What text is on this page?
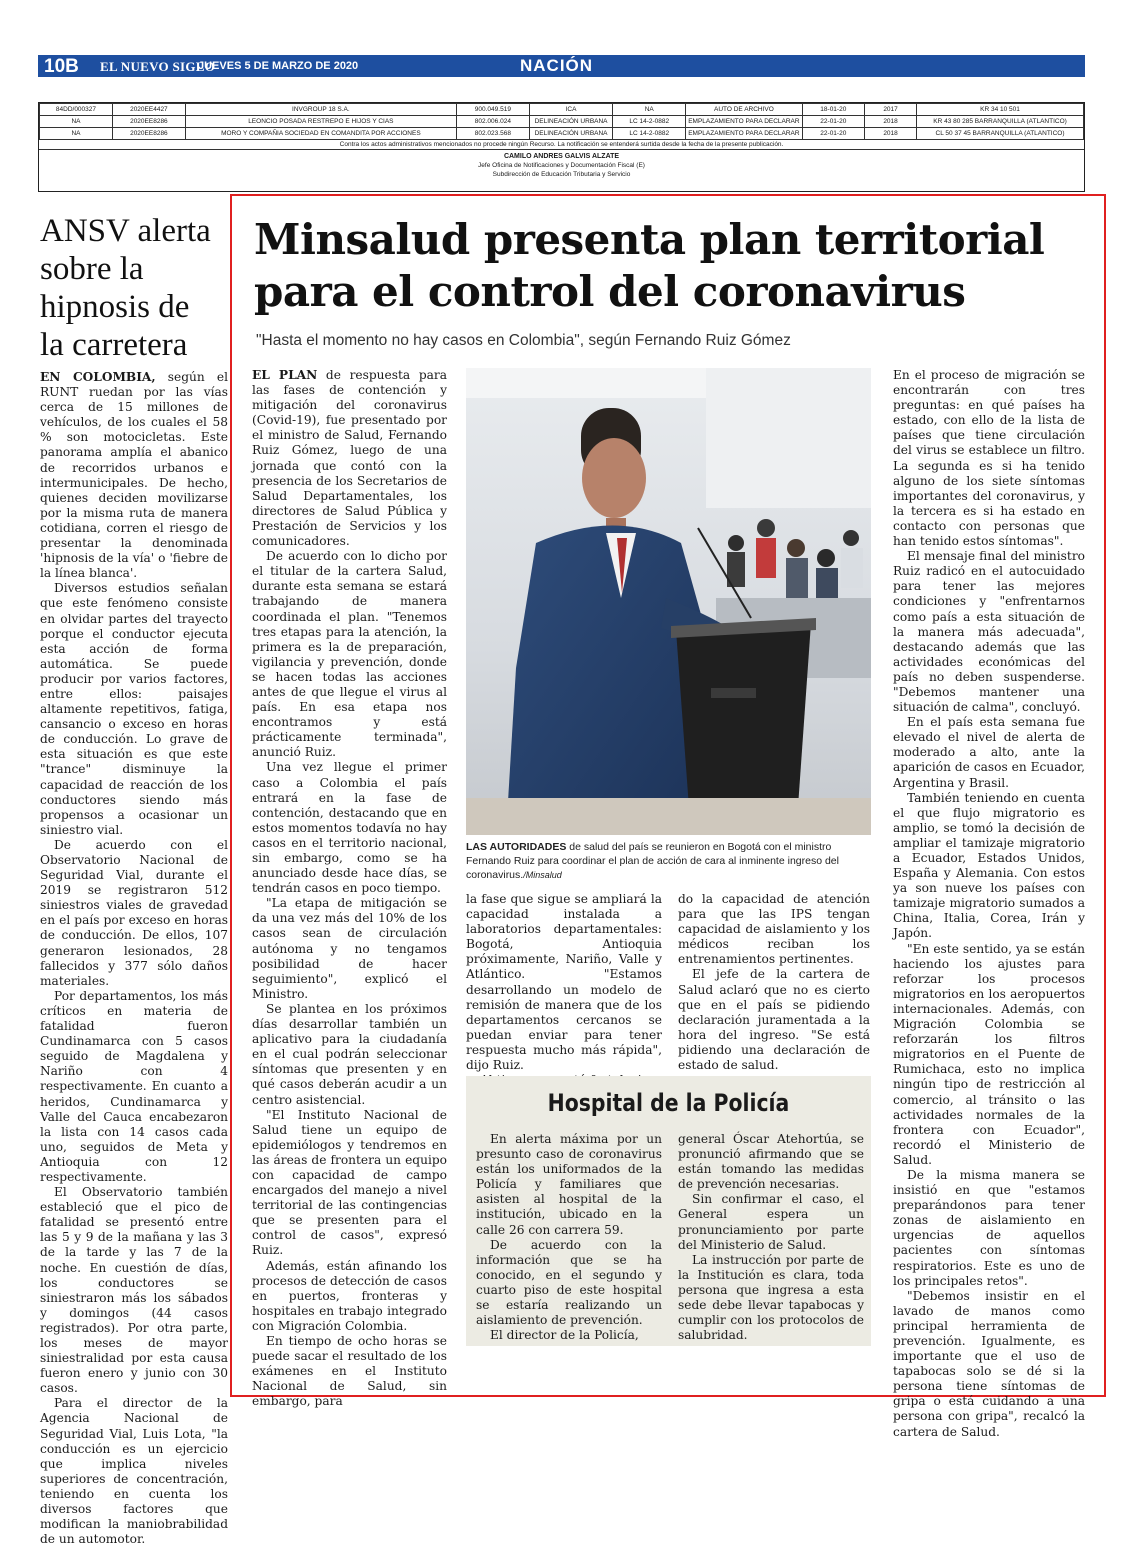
10B EL NUEVO SIGLO
JUEVES 5 DE MARZO DE 2020	NACIÓN
84DD/000327	2020EE4427	INVGROUP 18 S.A.	900.049.519	ICA	NA	AUTO DE ARCHIVO	18-01-20	2017	KR 34 10 501
NA	2020EE8286	LEONCIO POSADA RESTREPO E HIJOS Y CIAS	802.006.024	DELINEACIÓN URBANA	LC 14-2-0882	EMPLAZAMIENTO PARA DECLARAR	22-01-20	2018	KR 43 80 285 BARRANQUILLA (ATLANTICO)
NA	2020EE8286	MORO Y COMPAÑIA SOCIEDAD EN COMANDITA POR ACCIONES	802.023.568	DELINEACIÓN URBANA	LC 14-2-0882	EMPLAZAMIENTO PARA DECLARAR	22-01-20	2018	CL 50 37 45 BARRANQUILLA (ATLANTICO)
Contra los actos administrativos mencionados no procede ningún Recurso. La notificación se entenderá surtida desde la fecha de la presente publicación.
CAMILO ANDRES GALVIS ALZATE
Jefe Oficina de Notificaciones y Documentación Fiscal (E)
Subdirección de Educación Tributaria y Servicio
ANSV alerta sobre la hipnosis de la carretera

EN COLOMBIA, según el RUNT ruedan por las vías cerca de 15 millones de vehículos, de los cuales el 58 % son motocicletas. Este panorama amplía el abanico de recorridos urbanos e intermunicipales. De hecho, quienes deciden movilizarse por la misma ruta de manera cotidiana, corren el riesgo de presentar la denominada 'hipnosis de la vía' o 'fiebre de la línea blanca'.

Diversos estudios señalan que este fenómeno consiste en olvidar partes del trayecto porque el conductor ejecuta esta acción de forma automática. Se puede producir por varios factores, entre ellos: paisajes altamente repetitivos, fatiga, cansancio o exceso en horas de conducción. Lo grave de esta situación es que este "trance" disminuye la capacidad de reacción de los conductores siendo más propensos a ocasionar un siniestro vial.

De acuerdo con el Observatorio Nacional de Seguridad Vial, durante el 2019 se registraron 512 siniestros viales de gravedad en el país por exceso en horas de conducción. De ellos, 107 generaron lesionados, 28 fallecidos y 377 sólo daños materiales.

Por departamentos, los más críticos en materia de fatalidad fueron Cundinamarca con 5 casos seguido de Magdalena y Nariño con 4 respectivamente. En cuanto a heridos, Cundinamarca y Valle del Cauca encabezaron la lista con 14 casos cada uno, seguidos de Meta y Antioquia con 12 respectivamente.

El Observatorio también estableció que el pico de fatalidad se presentó entre las 5 y 9 de la mañana y las 3 de la tarde y las 7 de la noche. En cuestión de días, los conductores se siniestraron más los sábados y domingos (44 casos registrados). Por otra parte, los meses de mayor siniestralidad por esta causa fueron enero y junio con 30 casos.

Para el director de la Agencia Nacional de Seguridad Vial, Luis Lota, "la conducción es un ejercicio que implica niveles superiores de concentración, teniendo en cuenta los diversos factores que modifican la maniobrabilidad de un automotor.

Minsalud presenta plan territorial
para el control del coronavirus
"Hasta el momento no hay casos en Colombia", según Fernando Ruiz Gómez

EL PLAN de respuesta para las fases de contención y mitigación del coronavirus (Covid-19), fue presentado por el ministro de Salud, Fernando Ruiz Gómez, luego de una jornada que contó con la presencia de los Secretarios de Salud Departamentales, los directores de Salud Pública y Prestación de Servicios y los comunicadores.

De acuerdo con lo dicho por el titular de la cartera Salud, durante esta semana se estará trabajando de manera coordinada el plan. "Tenemos tres etapas para la atención, la primera es la de preparación, vigilancia y prevención, donde se hacen todas las acciones antes de que llegue el virus al país. En esa etapa nos encontramos y está prácticamente terminada", anunció Ruiz.

Una vez llegue el primer caso a Colombia el país entrará en la fase de contención, destacando que en estos momentos todavía no hay casos en el territorio nacional, sin embargo, como se ha anunciado desde hace días, se tendrán casos en poco tiempo.

"La etapa de mitigación se da una vez más del 10% de los casos sean de circulación autónoma y no tengamos posibilidad de hacer seguimiento", explicó el Ministro.

Se plantea en los próximos días desarrollar también un aplicativo para la ciudadanía en el cual podrán seleccionar síntomas que presenten y en qué casos deberán acudir a un centro asistencial.

"El Instituto Nacional de Salud tiene un equipo de epidemiólogos y tendremos en las áreas de frontera un equipo con capacidad de campo encargados del manejo a nivel territorial de las contingencias que se presenten para el control de casos", expresó Ruiz.

Además, están afinando los procesos de detección de casos en puertos, fronteras y hospitales en trabajo integrado con Migración Colombia.

En tiempo de ocho horas se puede sacar el resultado de los exámenes en el Instituto Nacional de Salud, sin embargo, para

LAS AUTORIDADES de salud del país se reunieron en Bogotá con el ministro Fernando Ruiz para coordinar el plan de acción de cara al inminente ingreso del coronavirus./Minsalud

la fase que sigue se ampliará la capacidad instalada a laboratorios departamentales: Bogotá, Antioquia próximamente, Nariño, Valle y Atlántico. "Estamos desarrollando un modelo de remisión de manera que de los departamentos cercanos se puedan enviar para tener respuesta mucho más rápida", dijo Ruiz.

do la capacidad de atención para que las IPS tengan capacidad de aislamiento y los médicos reciban los entrenamientos pertinentes.

El jefe de la cartera de Salud aclaró que no es cierto que en el país se pidiendo declaración juramentada a la hora del ingreso. "Se está pidiendo una declaración de estado de salud.

Hospital de la Policía

En alerta máxima por un presunto caso de coronavirus están los uniformados de la Policía y familiares que asisten al hospital de la institución, ubicado en la calle 26 con carrera 59.

De acuerdo con la información que se ha conocido, en el segundo y cuarto piso de este hospital se estaría realizando un aislamiento de prevención.

El director de la Policía,

general Óscar Atehortúa, se pronunció afirmando que se están tomando las medidas de prevención necesarias.

Sin confirmar el caso, el General espera un pronunciamiento por parte del Ministerio de Salud.

La instrucción por parte de la Institución es clara, toda persona que ingresa a esta sede debe llevar tapabocas y cumplir con los protocolos de salubridad.

En el proceso de migración se encontrarán con tres preguntas: en qué países ha estado, con ello de la lista de países que tiene circulación del virus se establece un filtro. La segunda es si ha tenido alguno de los siete síntomas importantes del coronavirus, y la tercera es si ha estado en contacto con personas que han tenido estos síntomas".

El mensaje final del ministro Ruiz radicó en el autocuidado para tener las mejores condiciones y "enfrentarnos como país a esta situación de la manera más adecuada", destacando además que las actividades económicas del país no deben suspenderse. "Debemos mantener una situación de calma", concluyó.

En el país esta semana fue elevado el nivel de alerta de moderado a alto, ante la aparición de casos en Ecuador, Argentina y Brasil.

También teniendo en cuenta el que flujo migratorio es amplio, se tomó la decisión de ampliar el tamizaje migratorio a Ecuador, Estados Unidos, España y Alemania. Con estos ya son nueve los países con tamizaje migratorio sumados a China, Italia, Corea, Irán y Japón.

"En este sentido, ya se están haciendo los ajustes para reforzar los procesos migratorios en los aeropuertos internacionales. Además, con Migración Colombia se reforzarán los filtros migratorios en el Puente de Rumichaca, esto no implica ningún tipo de restricción al comercio, al tránsito o las actividades normales de la frontera con Ecuador", recordó el Ministerio de Salud.

De la misma manera se insistió en que "estamos preparándonos para tener zonas de aislamiento en urgencias de aquellos pacientes con síntomas respiratorios. Este es uno de los principales retos".

"Debemos insistir en el lavado de manos como principal herramienta de prevención. Igualmente, es importante que el uso de tapabocas solo se dé si la persona tiene síntomas de gripa o está cuidando a una persona con gripa", recalcó la cartera de Salud.
